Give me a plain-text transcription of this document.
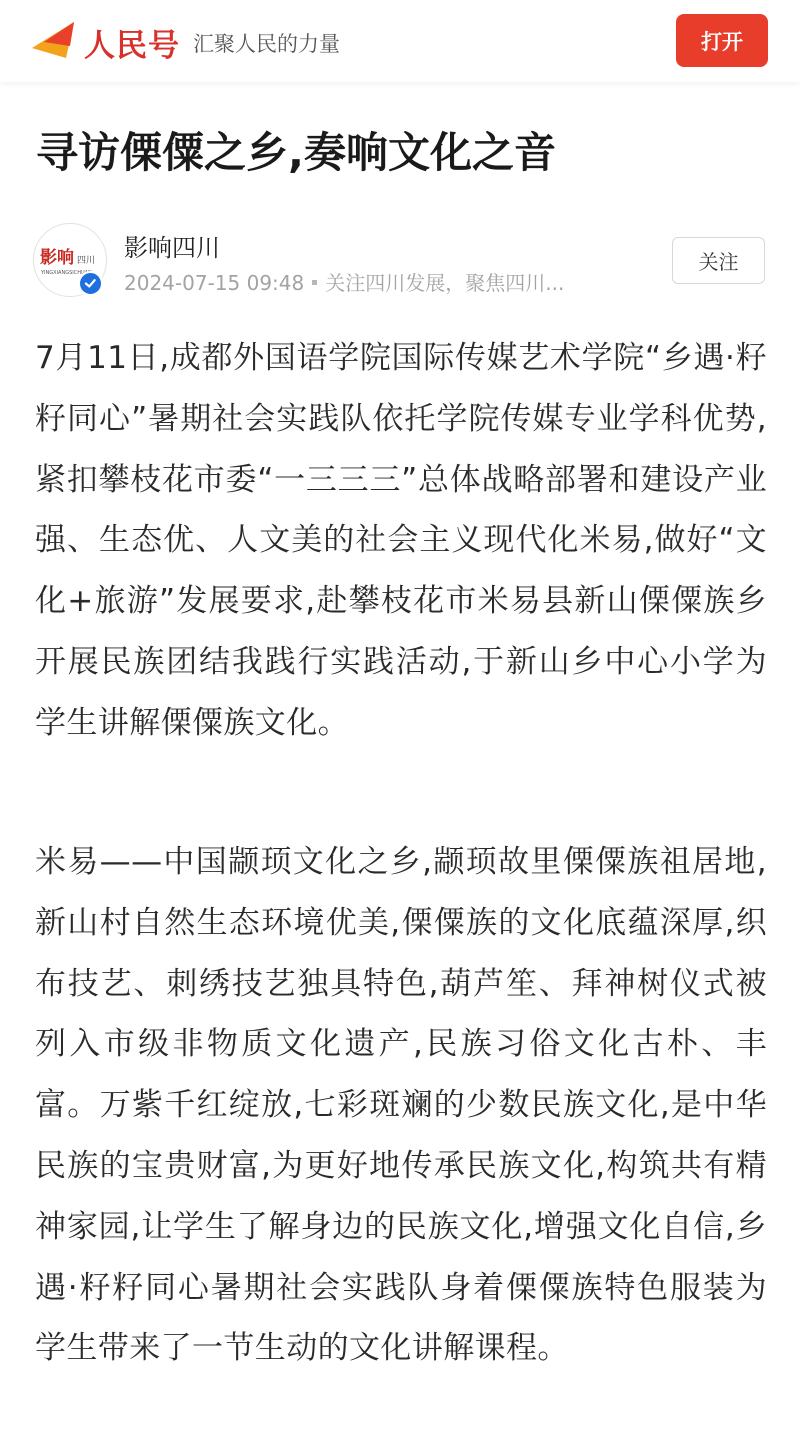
人民号 汇聚人民的力量	打开
寻访傈僳之乡,奏响文化之音
影响 四川
YINGXIANGSICHUAN
影响四川
2024-07-15 09:48 关注四川发展，聚焦四川...
关注

7月11日,成都外国语学院国际传媒艺术学院“乡遇·籽籽同心”暑期社会实践队依托学院传媒专业学科优势,紧扣攀枝花市委“一三三三”总体战略部署和建设产业强、生态优、人文美的社会主义现代化米易,做好“文化+旅游”发展要求,赴攀枝花市米易县新山傈僳族乡开展民族团结我践行实践活动,于新山乡中心小学为学生讲解傈僳族文化。

米易——中国颛顼文化之乡,颛顼故里傈僳族祖居地,新山村自然生态环境优美,傈僳族的文化底蕴深厚,织布技艺、刺绣技艺独具特色,葫芦笙、拜神树仪式被列入市级非物质文化遗产,民族习俗文化古朴、丰富。万紫千红绽放,七彩斑斓的少数民族文化,是中华民族的宝贵财富,为更好地传承民族文化,构筑共有精神家园,让学生了解身边的民族文化,增强文化自信,乡遇·籽籽同心暑期社会实践队身着傈僳族特色服装为学生带来了一节生动的文化讲解课程。
